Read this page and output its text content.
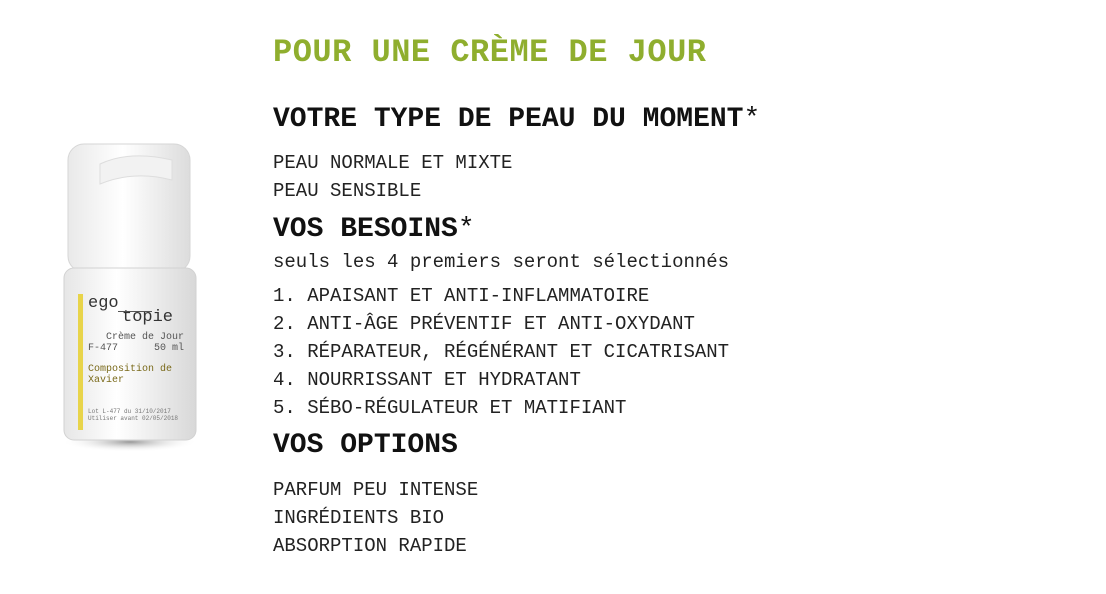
ego
topie
Crème de Jour
F-477	50 ml
Composition de
Xavier
Lot L-477 du 31/10/2017
Utiliser avant 02/05/2018
POUR UNE CRÈME DE JOUR
VOTRE TYPE DE PEAU DU MOMENT*
PEAU NORMALE ET MIXTE
PEAU SENSIBLE
VOS BESOINS*
seuls les 4 premiers seront sélectionnés
1. APAISANT ET ANTI-INFLAMMATOIRE
2. ANTI-ÂGE PRÉVENTIF ET ANTI-OXYDANT
3. RÉPARATEUR, RÉGÉNÉRANT ET CICATRISANT
4. NOURRISSANT ET HYDRATANT
5. SÉBO-RÉGULATEUR ET MATIFIANT
VOS OPTIONS
PARFUM PEU INTENSE
INGRÉDIENTS BIO
ABSORPTION RAPIDE
